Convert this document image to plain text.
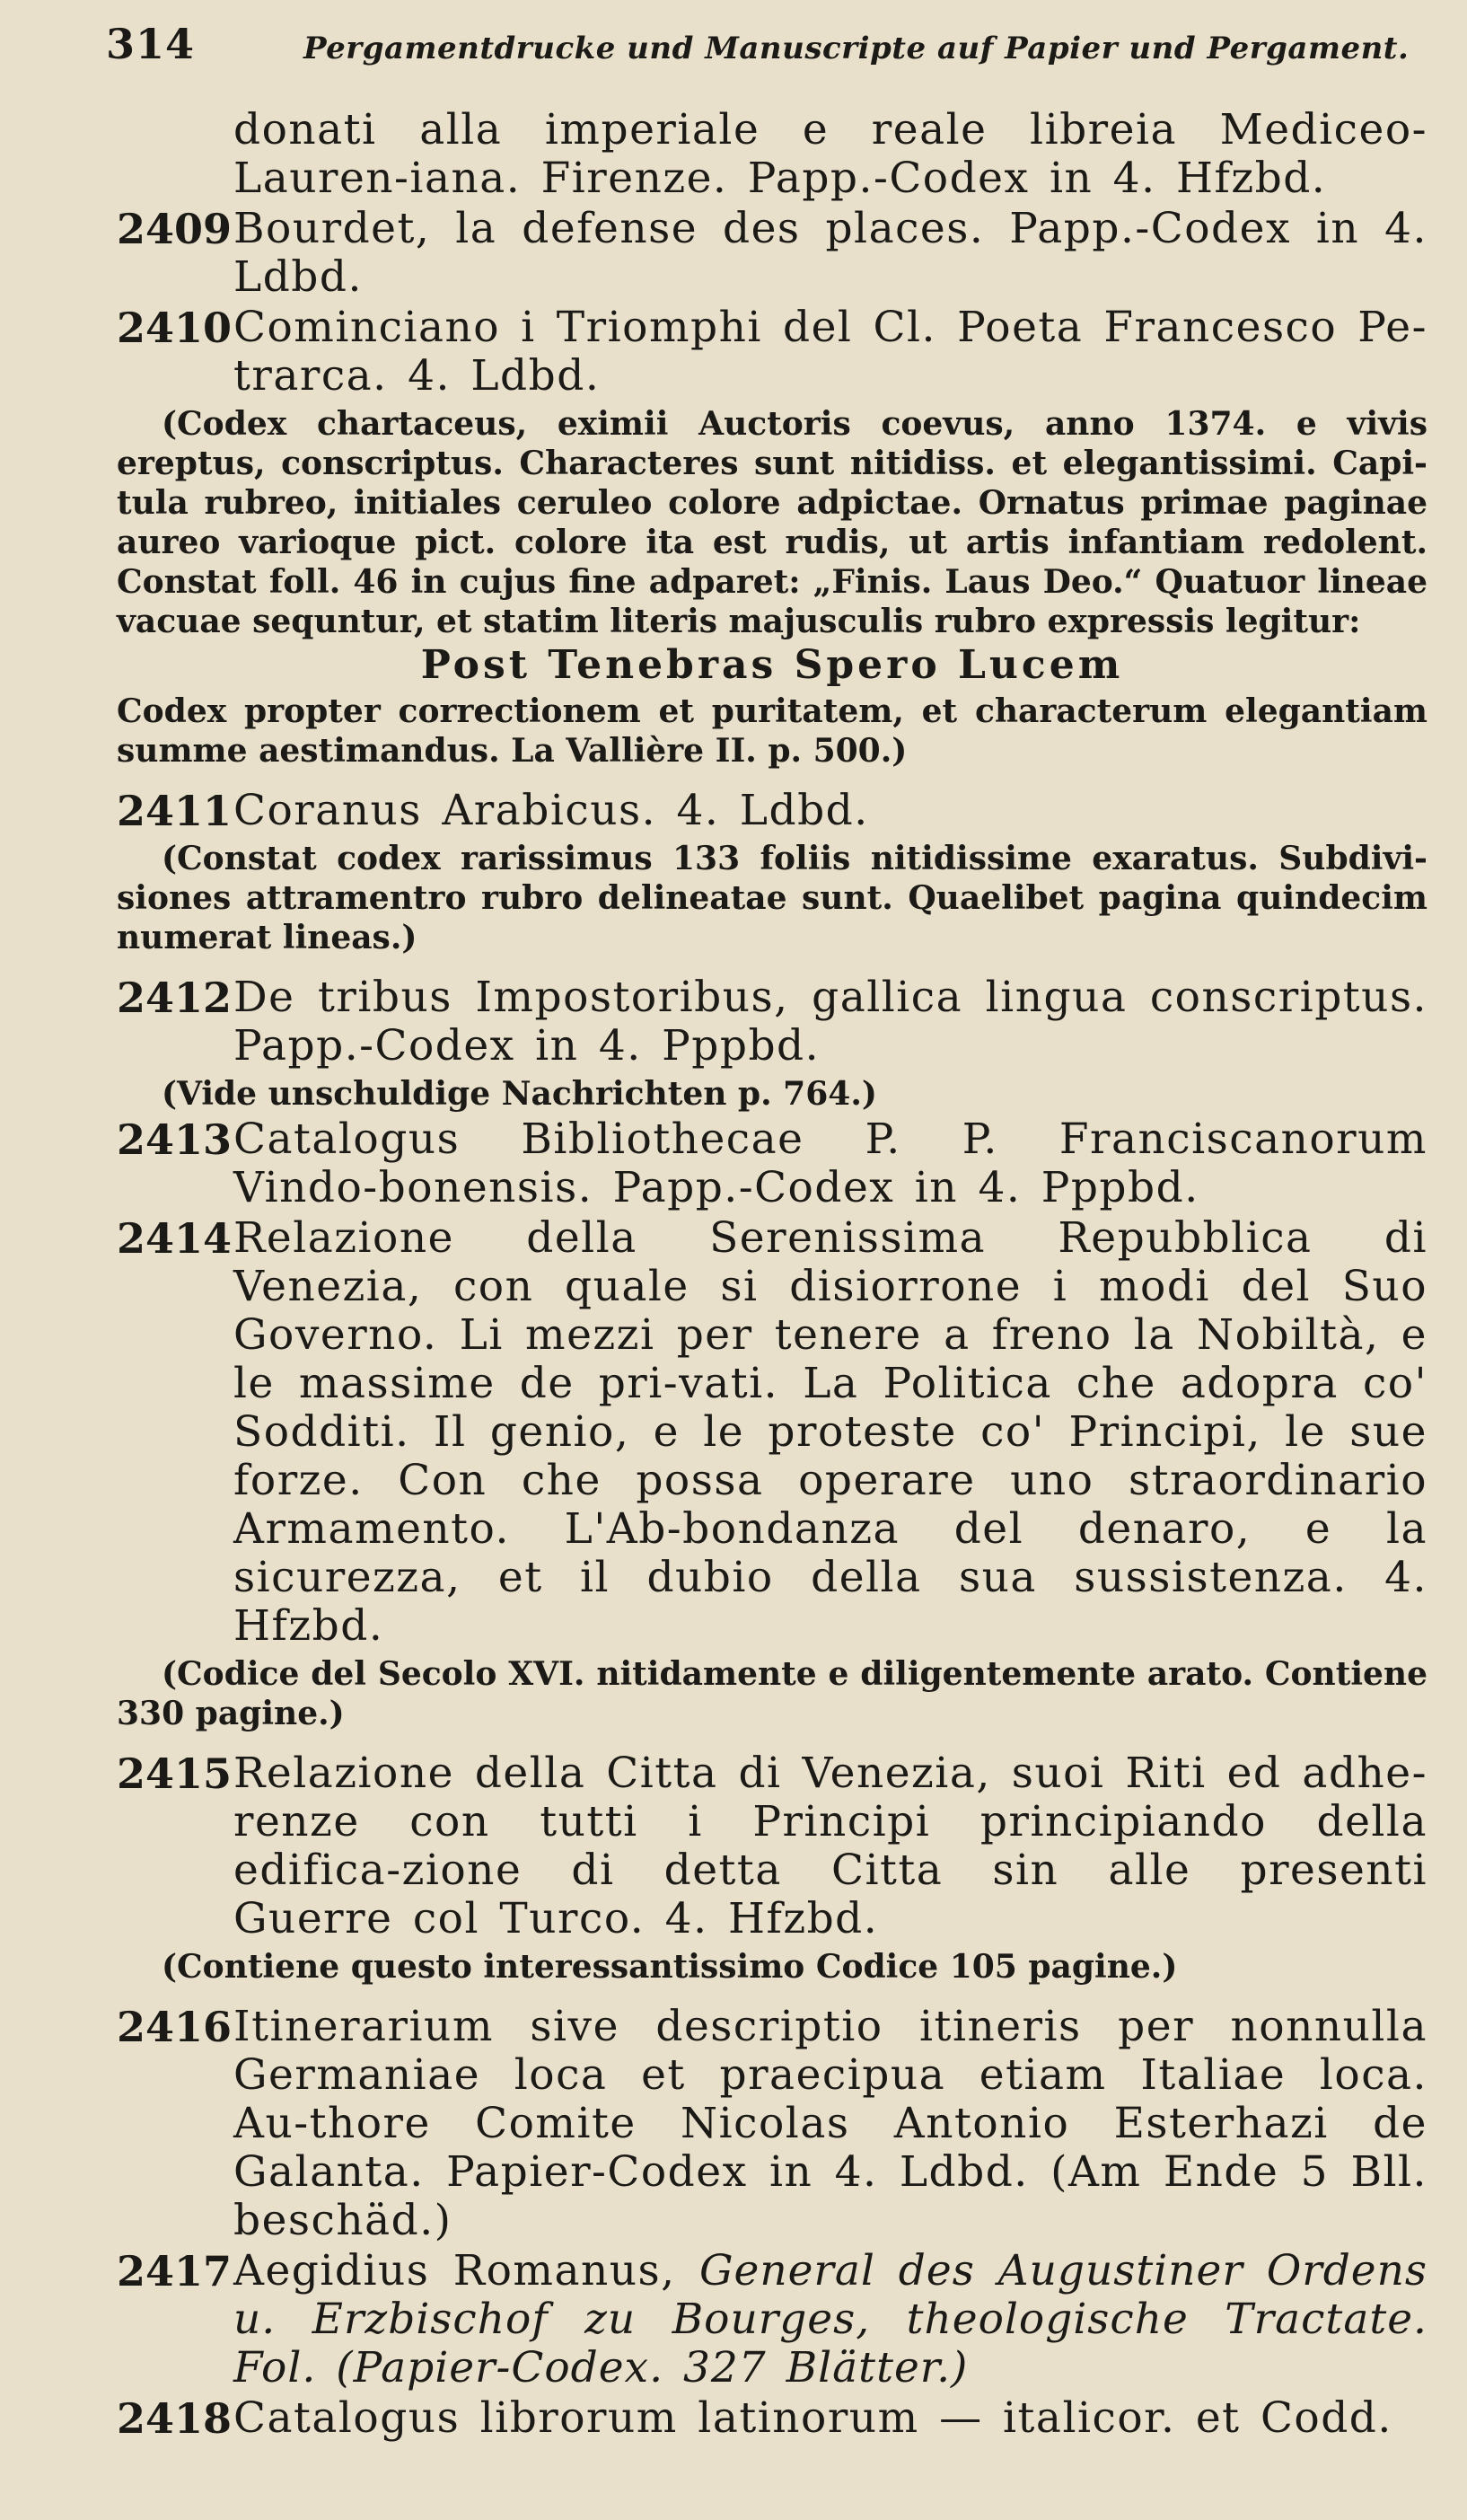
314	Pergamentdrucke und Manuscripte auf Papier und Pergament.

donati alla imperiale e reale libreia Mediceo-Lauren-iana. Firenze. Papp.-Codex in 4. Hfzbd.

2409 Bourdet, la defense des places. Papp.-Codex in 4. Ldbd.

2410 Cominciano i Triomphi del Cl. Poeta Francesco Pe-trarca. 4. Ldbd.

(Codex chartaceus, eximii Auctoris coevus, anno 1374. e vivis ereptus, conscriptus. Characteres sunt nitidiss. et elegantissimi. Capi-tula rubreo, initiales ceruleo colore adpictae. Ornatus primae paginae aureo varioque pict. colore ita est rudis, ut artis infantiam redolent. Constat foll. 46 in cujus fine adparet: „Finis. Laus Deo.“ Quatuor lineae vacuae sequntur, et statim literis majusculis rubro expressis legitur:

Post Tenebras Spero Lucem

Codex propter correctionem et puritatem, et characterum elegantiam summe aestimandus. La Vallière II. p. 500.)

2411 Coranus Arabicus. 4. Ldbd.

(Constat codex rarissimus 133 foliis nitidissime exaratus. Subdivi-siones attramentro rubro delineatae sunt. Quaelibet pagina quindecim numerat lineas.)

2412 De tribus Impostoribus, gallica lingua conscriptus. Papp.-Codex in 4. Pppbd.

(Vide unschuldige Nachrichten p. 764.)

2413 Catalogus Bibliothecae P. P. Franciscanorum Vindo-bonensis. Papp.-Codex in 4. Pppbd.

2414 Relazione della Serenissima Repubblica di Venezia, con quale si disiorrone i modi del Suo Governo. Li mezzi per tenere a freno la Nobiltà, e le massime de pri-vati. La Politica che adopra co' Sodditi. Il genio, e le proteste co' Principi, le sue forze. Con che possa operare uno straordinario Armamento. L'Ab-bondanza del denaro, e la sicurezza, et il dubio della sua sussistenza. 4. Hfzbd.

(Codice del Secolo XVI. nitidamente e diligentemente arato. Contiene 330 pagine.)

2415 Relazione della Citta di Venezia, suoi Riti ed adhe-renze con tutti i Principi principiando della edifica-zione di detta Citta sin alle presenti Guerre col Turco. 4. Hfzbd.

(Contiene questo interessantissimo Codice 105 pagine.)

2416 Itinerarium sive descriptio itineris per nonnulla Germaniae loca et praecipua etiam Italiae loca. Au-thore Comite Nicolas Antonio Esterhazi de Galanta. Papier-Codex in 4. Ldbd. (Am Ende 5 Bll. beschäd.)

2417 Aegidius Romanus, General des Augustiner Ordens u. Erzbischof zu Bourges, theologische Tractate. Fol. (Papier-Codex. 327 Blätter.)

2418 Catalogus librorum latinorum — italicor. et Codd.
